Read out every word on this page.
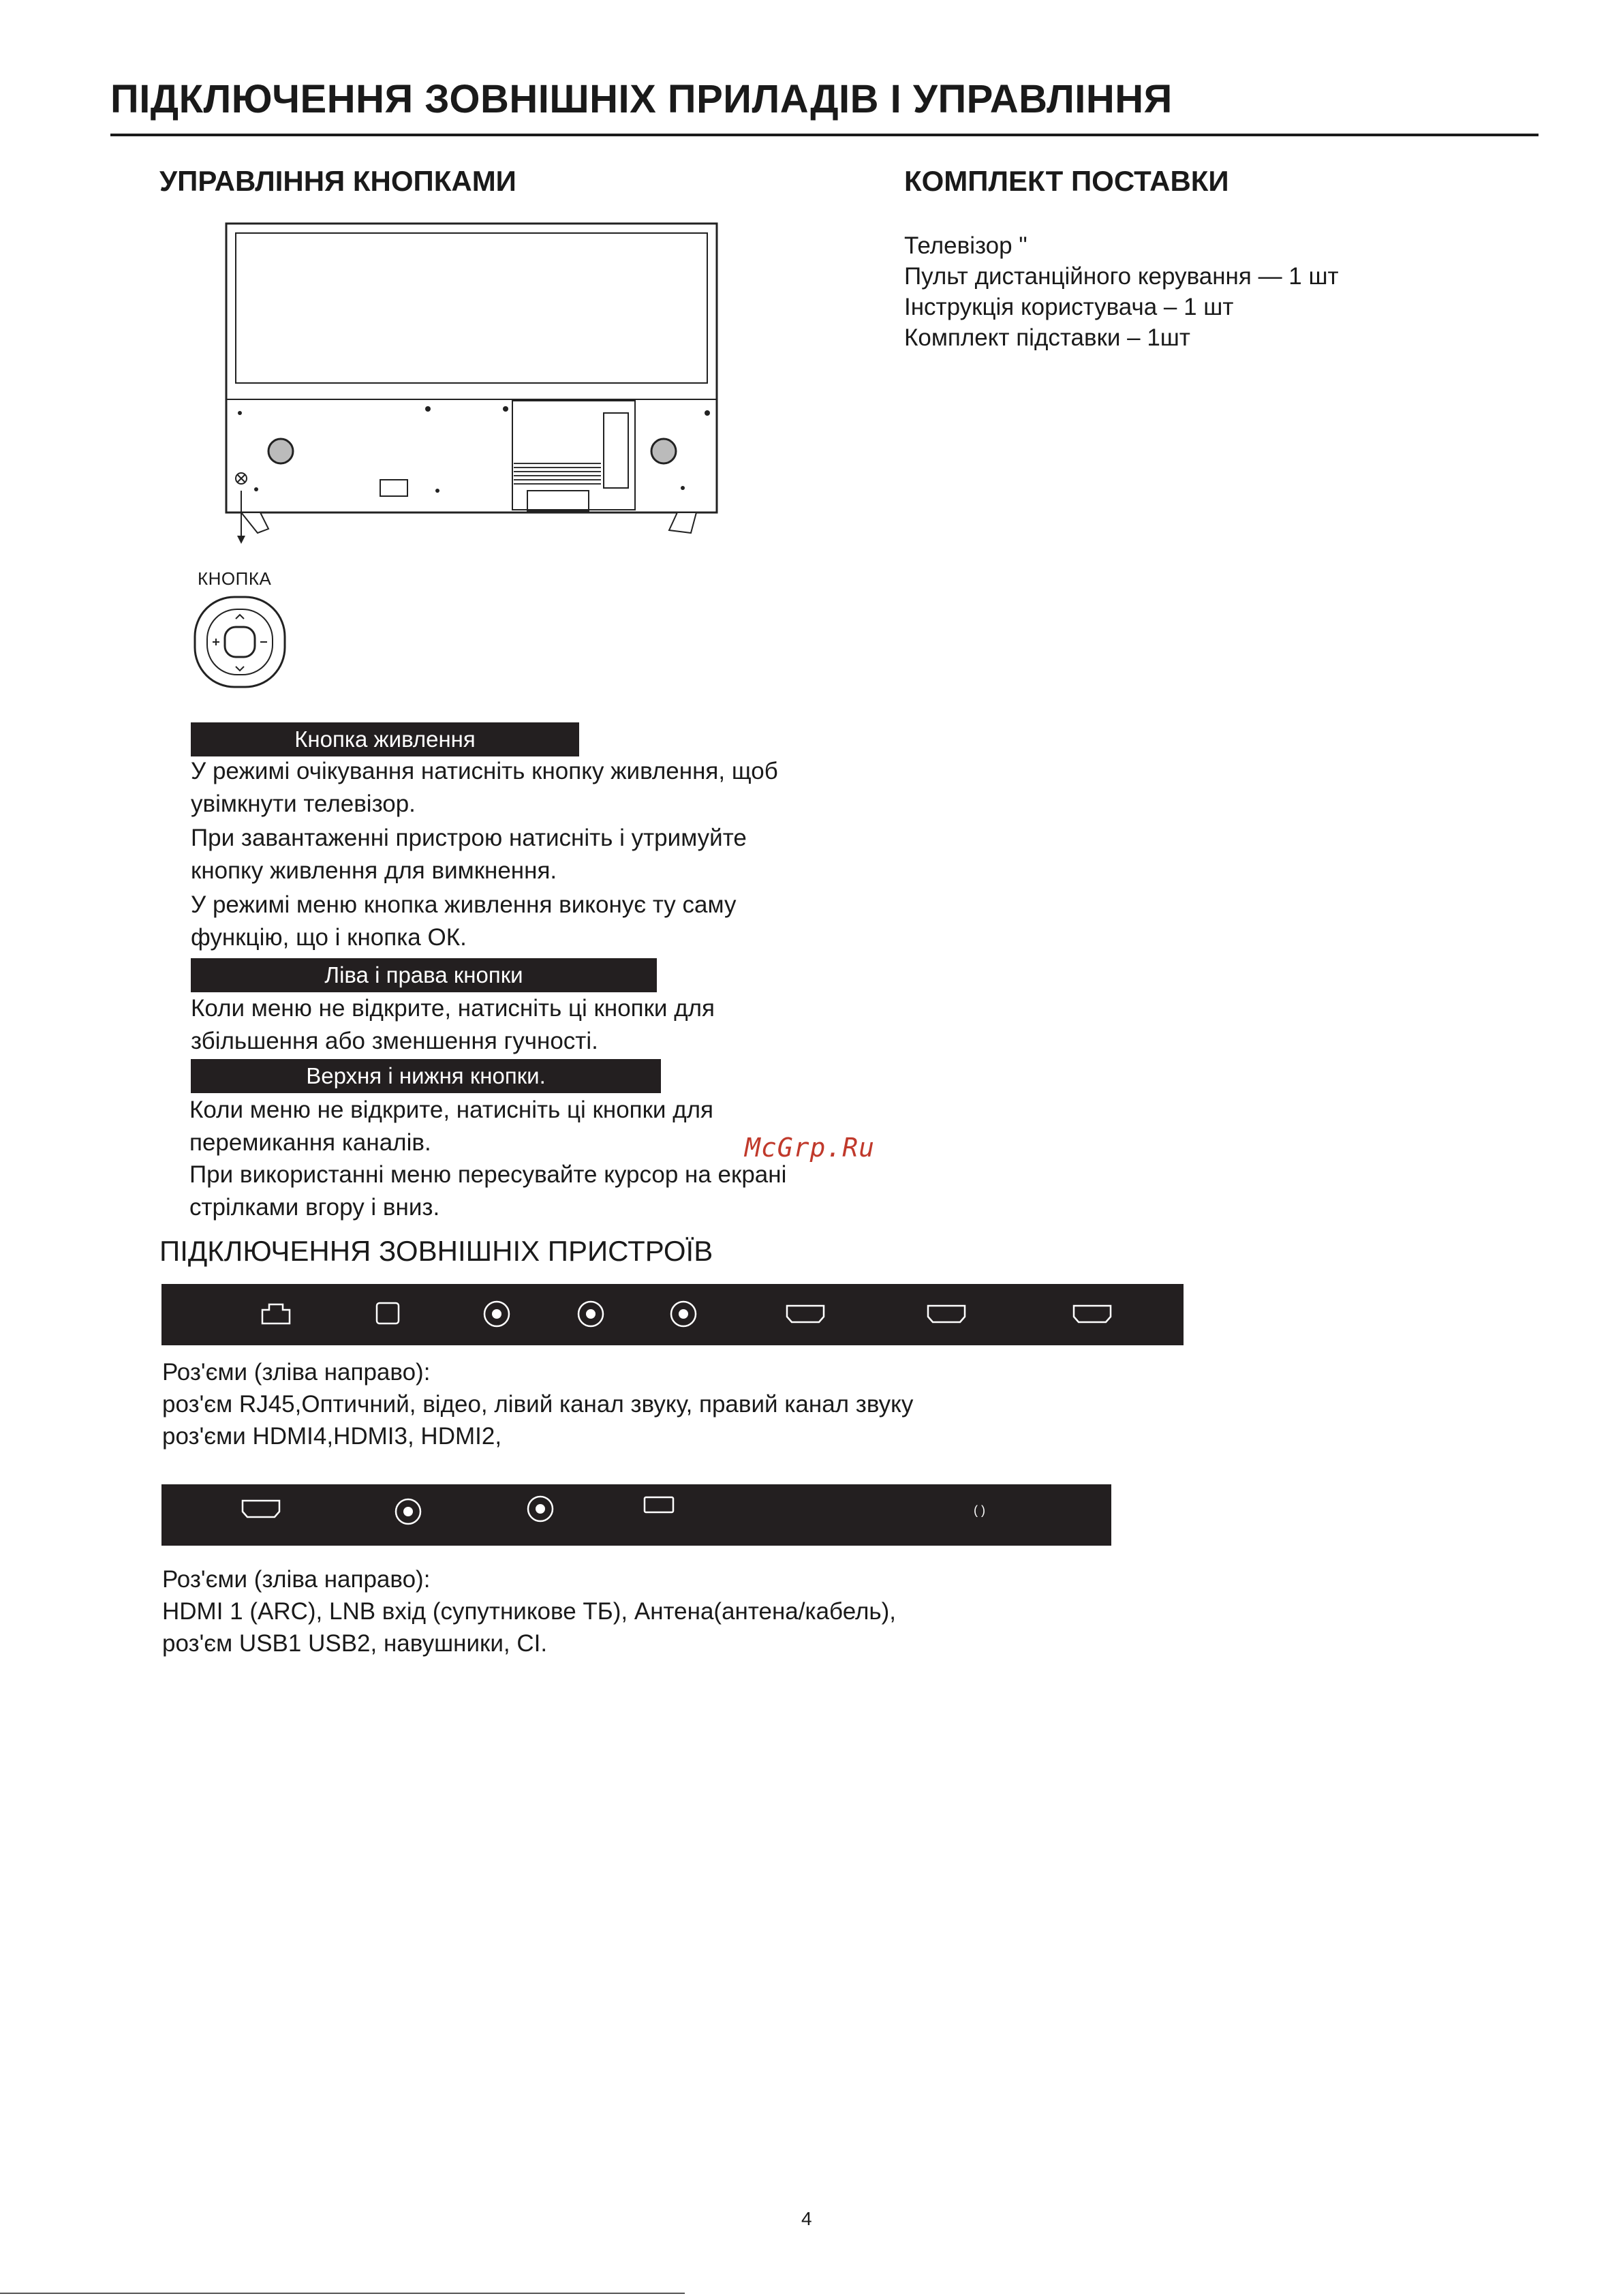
ПІДКЛЮЧЕННЯ ЗОВНІШНІХ ПРИЛАДІВ І УПРАВЛІННЯ
УПРАВЛІННЯ КНОПКАМИ	КОМПЛЕКТ ПОСТАВКИ
Телевізор "
Пульт дистанційного керування — 1 шт
Інструкція користувача – 1 шт
Комплект підставки – 1шт
КНОПКА
Кнопка живлення
У режимі очікування натисніть кнопку живлення, щоб
увімкнути телевізор.
При завантаженні пристрою натисніть і утримуйте
кнопку живлення для вимкнення.
У режимі меню кнопка живлення виконує ту саму
функцію, що і кнопка ОК.
Ліва і права кнопки
Коли меню не відкрите, натисніть ці кнопки для
збільшення або зменшення гучності.
Верхня і нижня кнопки.
Коли меню не відкрите, натисніть ці кнопки для
перемикання каналів.
При використанні меню пересувайте курсор на екрані
стрілками вгору і вниз.
McGrp.Ru
ПІДКЛЮЧЕННЯ ЗОВНІШНІХ ПРИСТРОЇВ
Роз'єми (зліва направо):
роз'єм RJ45,Оптичний, відео, лівий канал звуку, правий канал звуку
роз'єми HDMI4,HDMI3, HDMI2,
( )
Роз'єми (зліва направо):
HDMI 1 (ARC), LNB вхід (супутникове ТБ), Антена(антена/кабель),
роз'єм USB1 USB2, навушники, CI.
4
